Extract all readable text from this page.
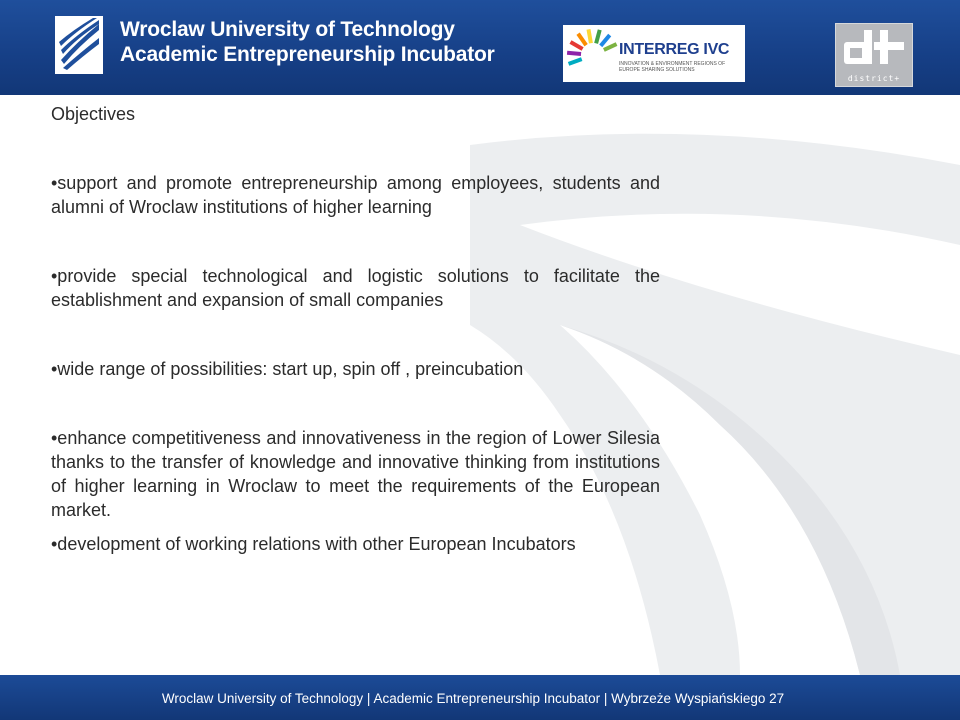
Wroclaw University of Technology
Academic Entrepreneurship Incubator	INTERREG IVC
INNOVATION & ENVIRONMENT REGIONS OF EUROPE SHARING SOLUTIONS
district+

Objectives

•support and promote entrepreneurship among employees, students and alumni of Wroclaw institutions of higher learning

•provide special technological and logistic solutions to facilitate the establishment and expansion of small companies

•wide range of possibilities: start up, spin off , preincubation

•enhance competitiveness and innovativeness in the region of Lower Silesia thanks to the transfer of knowledge and innovative thinking from institutions of higher learning in Wroclaw to meet the requirements of the European market.

•development of working relations with other European Incubators

Wroclaw University of Technology | Academic Entrepreneurship Incubator | Wybrzeże Wyspiańskiego 27
